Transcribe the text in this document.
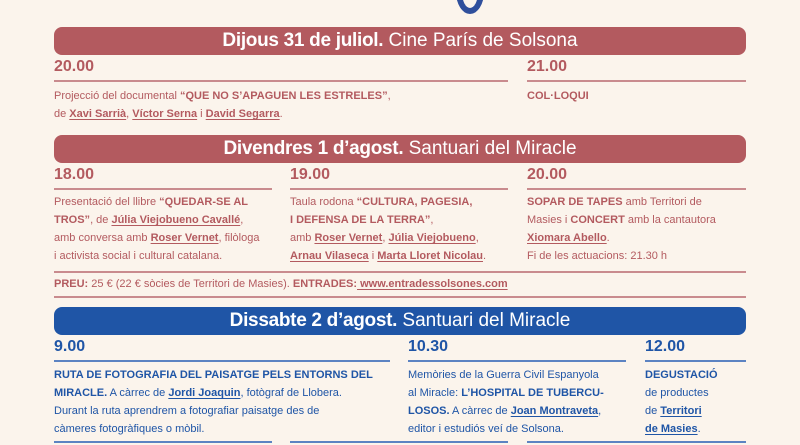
Dijous 31 de juliol. Cine París de Solsona
20.00
Projecció del documental “QUE NO S’APAGUEN LES ESTRELES”,
de Xavi Sarrià, Víctor Serna i David Segarra.
21.00
COL·LOQUI
Divendres 1 d’agost. Santuari del Miracle
18.00
Presentació del llibre “QUEDAR-SE AL
TROS”, de Júlia Viejobueno Cavallé,
amb conversa amb Roser Vernet, filòloga
i activista social i cultural catalana.
19.00
Taula rodona “CULTURA, PAGESIA,
I DEFENSA DE LA TERRA”,
amb Roser Vernet, Júlia Viejobueno,
Arnau Vilaseca i Marta Lloret Nicolau.
20.00
SOPAR DE TAPES amb Territori de
Masies i CONCERT amb la cantautora
Xiomara Abello.
Fi de les actuacions: 21.30 h
PREU: 25 € (22 € sòcies de Territori de Masies). ENTRADES: www.entradessolsones.com
Dissabte 2 d’agost. Santuari del Miracle
9.00
RUTA DE FOTOGRAFIA DEL PAISATGE PELS ENTORNS DEL
MIRACLE. A càrrec de Jordi Joaquin, fotògraf de Llobera.
Durant la ruta aprendrem a fotografiar paisatge des de
càmeres fotogràfiques o mòbil.
10.30
Memòries de la Guerra Civil Espanyola
al Miracle: L’HOSPITAL DE TUBERCU-
LOSOS. A càrrec de Joan Montraveta,
editor i estudiós veí de Solsona.
12.00
DEGUSTACIÓ
de productes
de Territori
de Masies.
